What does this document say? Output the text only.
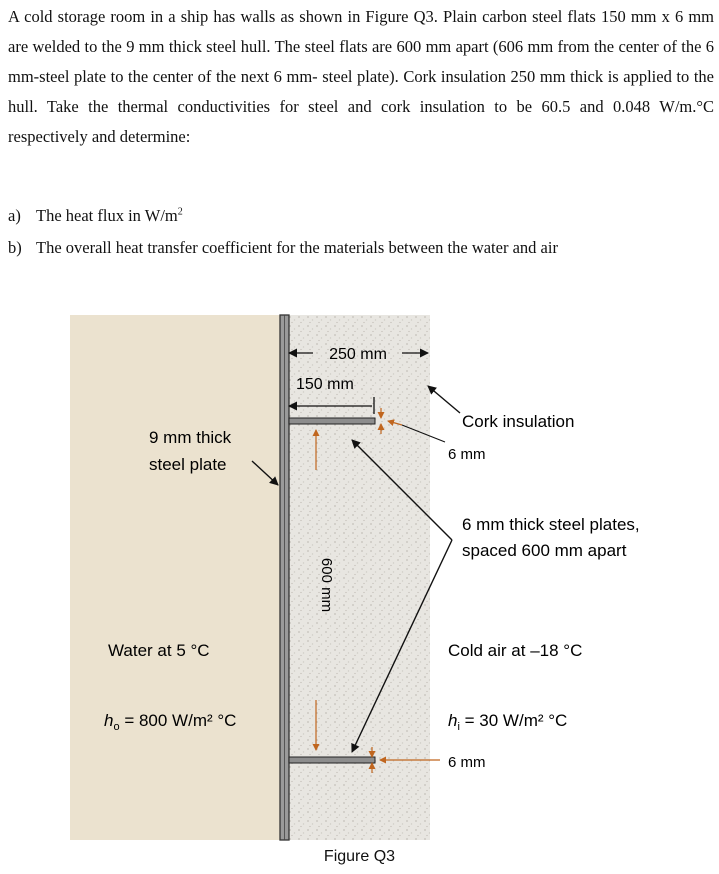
A cold storage room in a ship has walls as shown in Figure Q3. Plain carbon steel flats 150 mm x 6 mm are welded to the 9 mm thick steel hull. The steel flats are 600 mm apart (606 mm from the center of the 6 mm-steel plate to the center of the next 6 mm- steel plate). Cork insulation 250 mm thick is applied to the hull. Take the thermal conductivities for steel and cork insulation to be 60.5 and 0.048 W/m.°C respectively and determine:

a) The heat flux in $W/m^2$

b) The overall heat transfer coefficient for the materials between the water and air

250 mm
150 mm
600 mm
9 mm thick
steel plate
Cork insulation
6 mm
6 mm thick steel plates,
spaced 600 mm apart
Water at 5 °C	Cold air at –18 °C
$h_o = 800$ W/m² °C	$h_i = 30$ W/m² °C
6 mm
Figure Q3
